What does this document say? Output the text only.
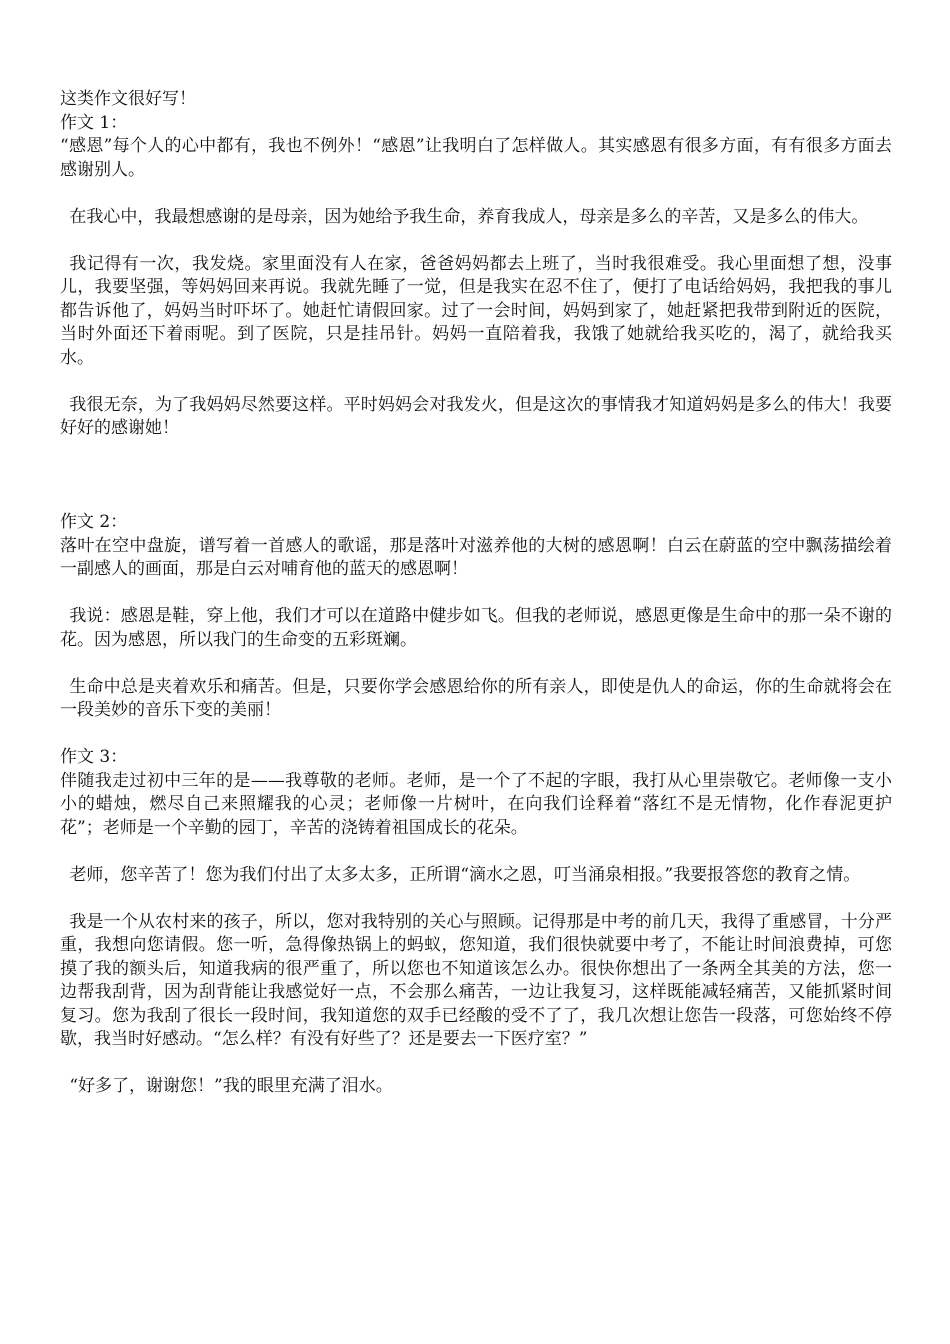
这类作文很好写！
作文 1：
“感恩”每个人的心中都有，我也不例外！“感恩”让我明白了怎样做人。其实感恩有很多方面，有有很多方面去感谢别人。
在我心中，我最想感谢的是母亲，因为她给予我生命，养育我成人，母亲是多么的辛苦，又是多么的伟大。
我记得有一次，我发烧。家里面没有人在家，爸爸妈妈都去上班了，当时我很难受。我心里面想了想，没事儿，我要坚强，等妈妈回来再说。我就先睡了一觉，但是我实在忍不住了，便打了电话给妈妈，我把我的事儿都告诉他了，妈妈当时吓坏了。她赶忙请假回家。过了一会时间，妈妈到家了，她赶紧把我带到附近的医院，当时外面还下着雨呢。到了医院，只是挂吊针。妈妈一直陪着我，我饿了她就给我买吃的，渴了，就给我买水。
我很无奈，为了我妈妈尽然要这样。平时妈妈会对我发火，但是这次的事情我才知道妈妈是多么的伟大！我要好好的感谢她！
作文 2：
落叶在空中盘旋，谱写着一首感人的歌谣，那是落叶对滋养他的大树的感恩啊！白云在蔚蓝的空中飘荡描绘着一副感人的画面，那是白云对哺育他的蓝天的感恩啊！
我说：感恩是鞋，穿上他，我们才可以在道路中健步如飞。但我的老师说，感恩更像是生命中的那一朵不谢的花。因为感恩，所以我门的生命变的五彩斑斓。
生命中总是夹着欢乐和痛苦。但是，只要你学会感恩给你的所有亲人，即使是仇人的命运，你的生命就将会在一段美妙的音乐下变的美丽！
作文 3：
伴随我走过初中三年的是——我尊敬的老师。老师，是一个了不起的字眼，我打从心里崇敬它。老师像一支小小的蜡烛，燃尽自己来照耀我的心灵；老师像一片树叶，在向我们诠释着“落红不是无情物，化作春泥更护花”；老师是一个辛勤的园丁，辛苦的浇铸着祖国成长的花朵。
老师，您辛苦了！您为我们付出了太多太多，正所谓“滴水之恩，叮当涌泉相报。”我要报答您的教育之情。
我是一个从农村来的孩子，所以，您对我特别的关心与照顾。记得那是中考的前几天，我得了重感冒，十分严重，我想向您请假。您一听，急得像热锅上的蚂蚁，您知道，我们很快就要中考了，不能让时间浪费掉，可您摸了我的额头后，知道我病的很严重了，所以您也不知道该怎么办。很快你想出了一条两全其美的方法，您一边帮我刮背，因为刮背能让我感觉好一点，不会那么痛苦，一边让我复习，这样既能减轻痛苦，又能抓紧时间复习。您为我刮了很长一段时间，我知道您的双手已经酸的受不了了，我几次想让您告一段落，可您始终不停歇，我当时好感动。“怎么样？有没有好些了？还是要去一下医疗室？”
“好多了，谢谢您！”我的眼里充满了泪水。
